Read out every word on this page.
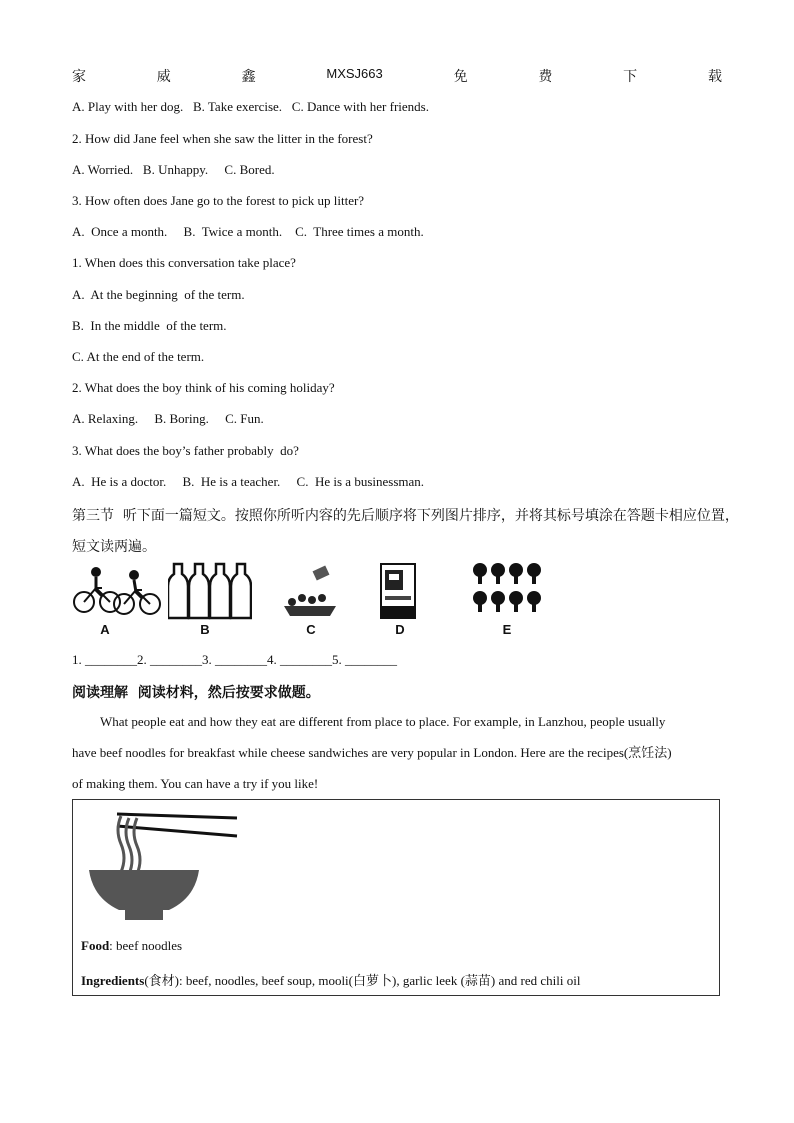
家	威	鑫	MXSJ663	免	费	下	载
A. Play with her dog.   B. Take exercise.   C. Dance with her friends.
2. How did Jane feel when she saw the litter in the forest?
A. Worried.   B. Unhappy.     C. Bored.
3. How often does Jane go to the forest to pick up litter?
A.  Once a month.     B.  Twice a month.    C.  Three times a month.
1. When does this conversation take place?
A.  At the beginning  of the term.
B.  In the middle  of the term.
C. At the end of the term.
2. What does the boy think of his coming holiday?
A. Relaxing.     B. Boring.     C. Fun.
3. What does the boy’s father probably  do?
A.  He is a doctor.     B.  He is a teacher.     C.  He is a businessman.
第三节  听下面一篇短文。按照你所听内容的先后顺序将下列图片排序，并将其标号填涂在答题卡相应位置，
短文读两遍。
A	B	C	D	E
1. ________2. ________3. ________4. ________5. ________
阅读理解  阅读材料，然后按要求做题。
What people eat and how they eat are different from place to place. For example, in Lanzhou, people usually
have beef noodles for breakfast while cheese sandwiches are very popular in London. Here are the recipes(烹饪法)
of making them. You can have a try if you like!
Food: beef noodles
Ingredients(食材): beef, noodles, beef soup, mooli(白萝卜), garlic leek (蒜苗) and red chili oil
